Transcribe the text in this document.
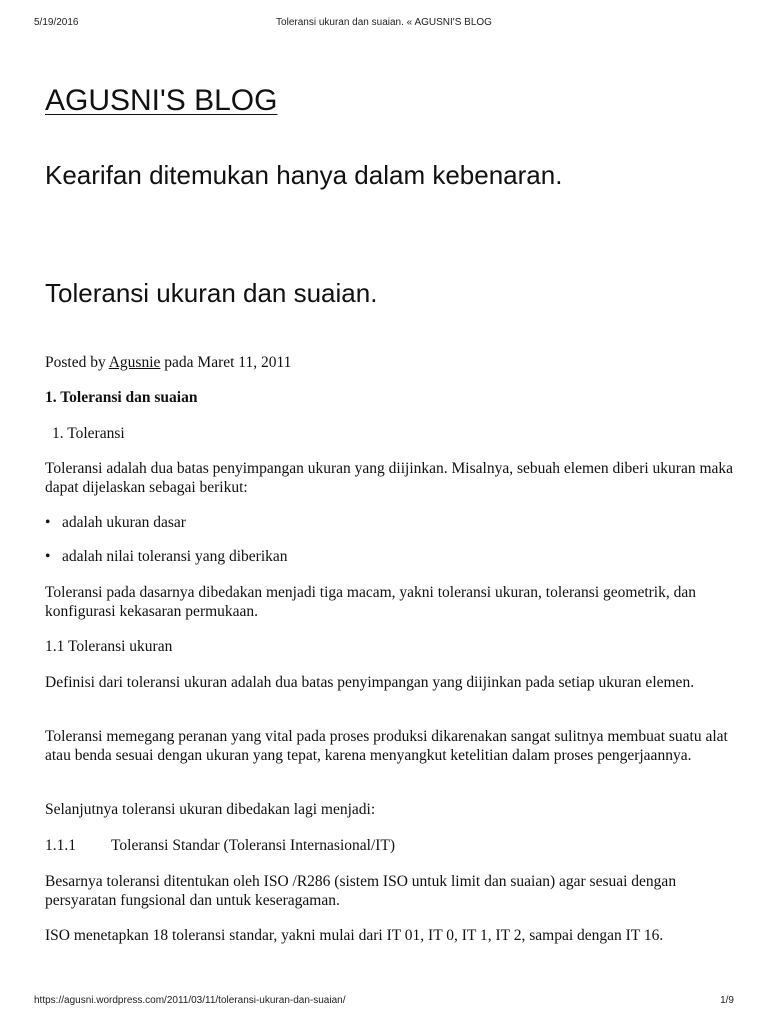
5/19/2016	Toleransi ukuran dan suaian. « AGUSNI'S BLOG
AGUSNI'S BLOG
Kearifan ditemukan hanya dalam kebenaran.
Toleransi ukuran dan suaian.

Posted by Agusnie pada Maret 11, 2011

1. Toleransi dan suaian

1. Toleransi

Toleransi adalah dua batas penyimpangan ukuran yang diijinkan. Misalnya, sebuah elemen diberi ukuran maka dapat dijelaskan sebagai berikut:

• adalah ukuran dasar
• adalah nilai toleransi yang diberikan

Toleransi pada dasarnya dibedakan menjadi tiga macam, yakni toleransi ukuran, toleransi geometrik, dan konfigurasi kekasaran permukaan.

1.1 Toleransi ukuran

Definisi dari toleransi ukuran adalah dua batas penyimpangan yang diijinkan pada setiap ukuran elemen.

Toleransi memegang peranan yang vital pada proses produksi dikarenakan sangat sulitnya membuat suatu alat atau benda sesuai dengan ukuran yang tepat, karena menyangkut ketelitian dalam proses pengerjaannya.

Selanjutnya toleransi ukuran dibedakan lagi menjadi:

1.1.1 Toleransi Standar (Toleransi Internasional/IT)

Besarnya toleransi ditentukan oleh ISO /R286 (sistem ISO untuk limit dan suaian) agar sesuai dengan persyaratan fungsional dan untuk keseragaman.

ISO menetapkan 18 toleransi standar, yakni mulai dari IT 01, IT 0, IT 1, IT 2, sampai dengan IT 16.

https://agusni.wordpress.com/2011/03/11/toleransi-ukuran-dan-suaian/	1/9
